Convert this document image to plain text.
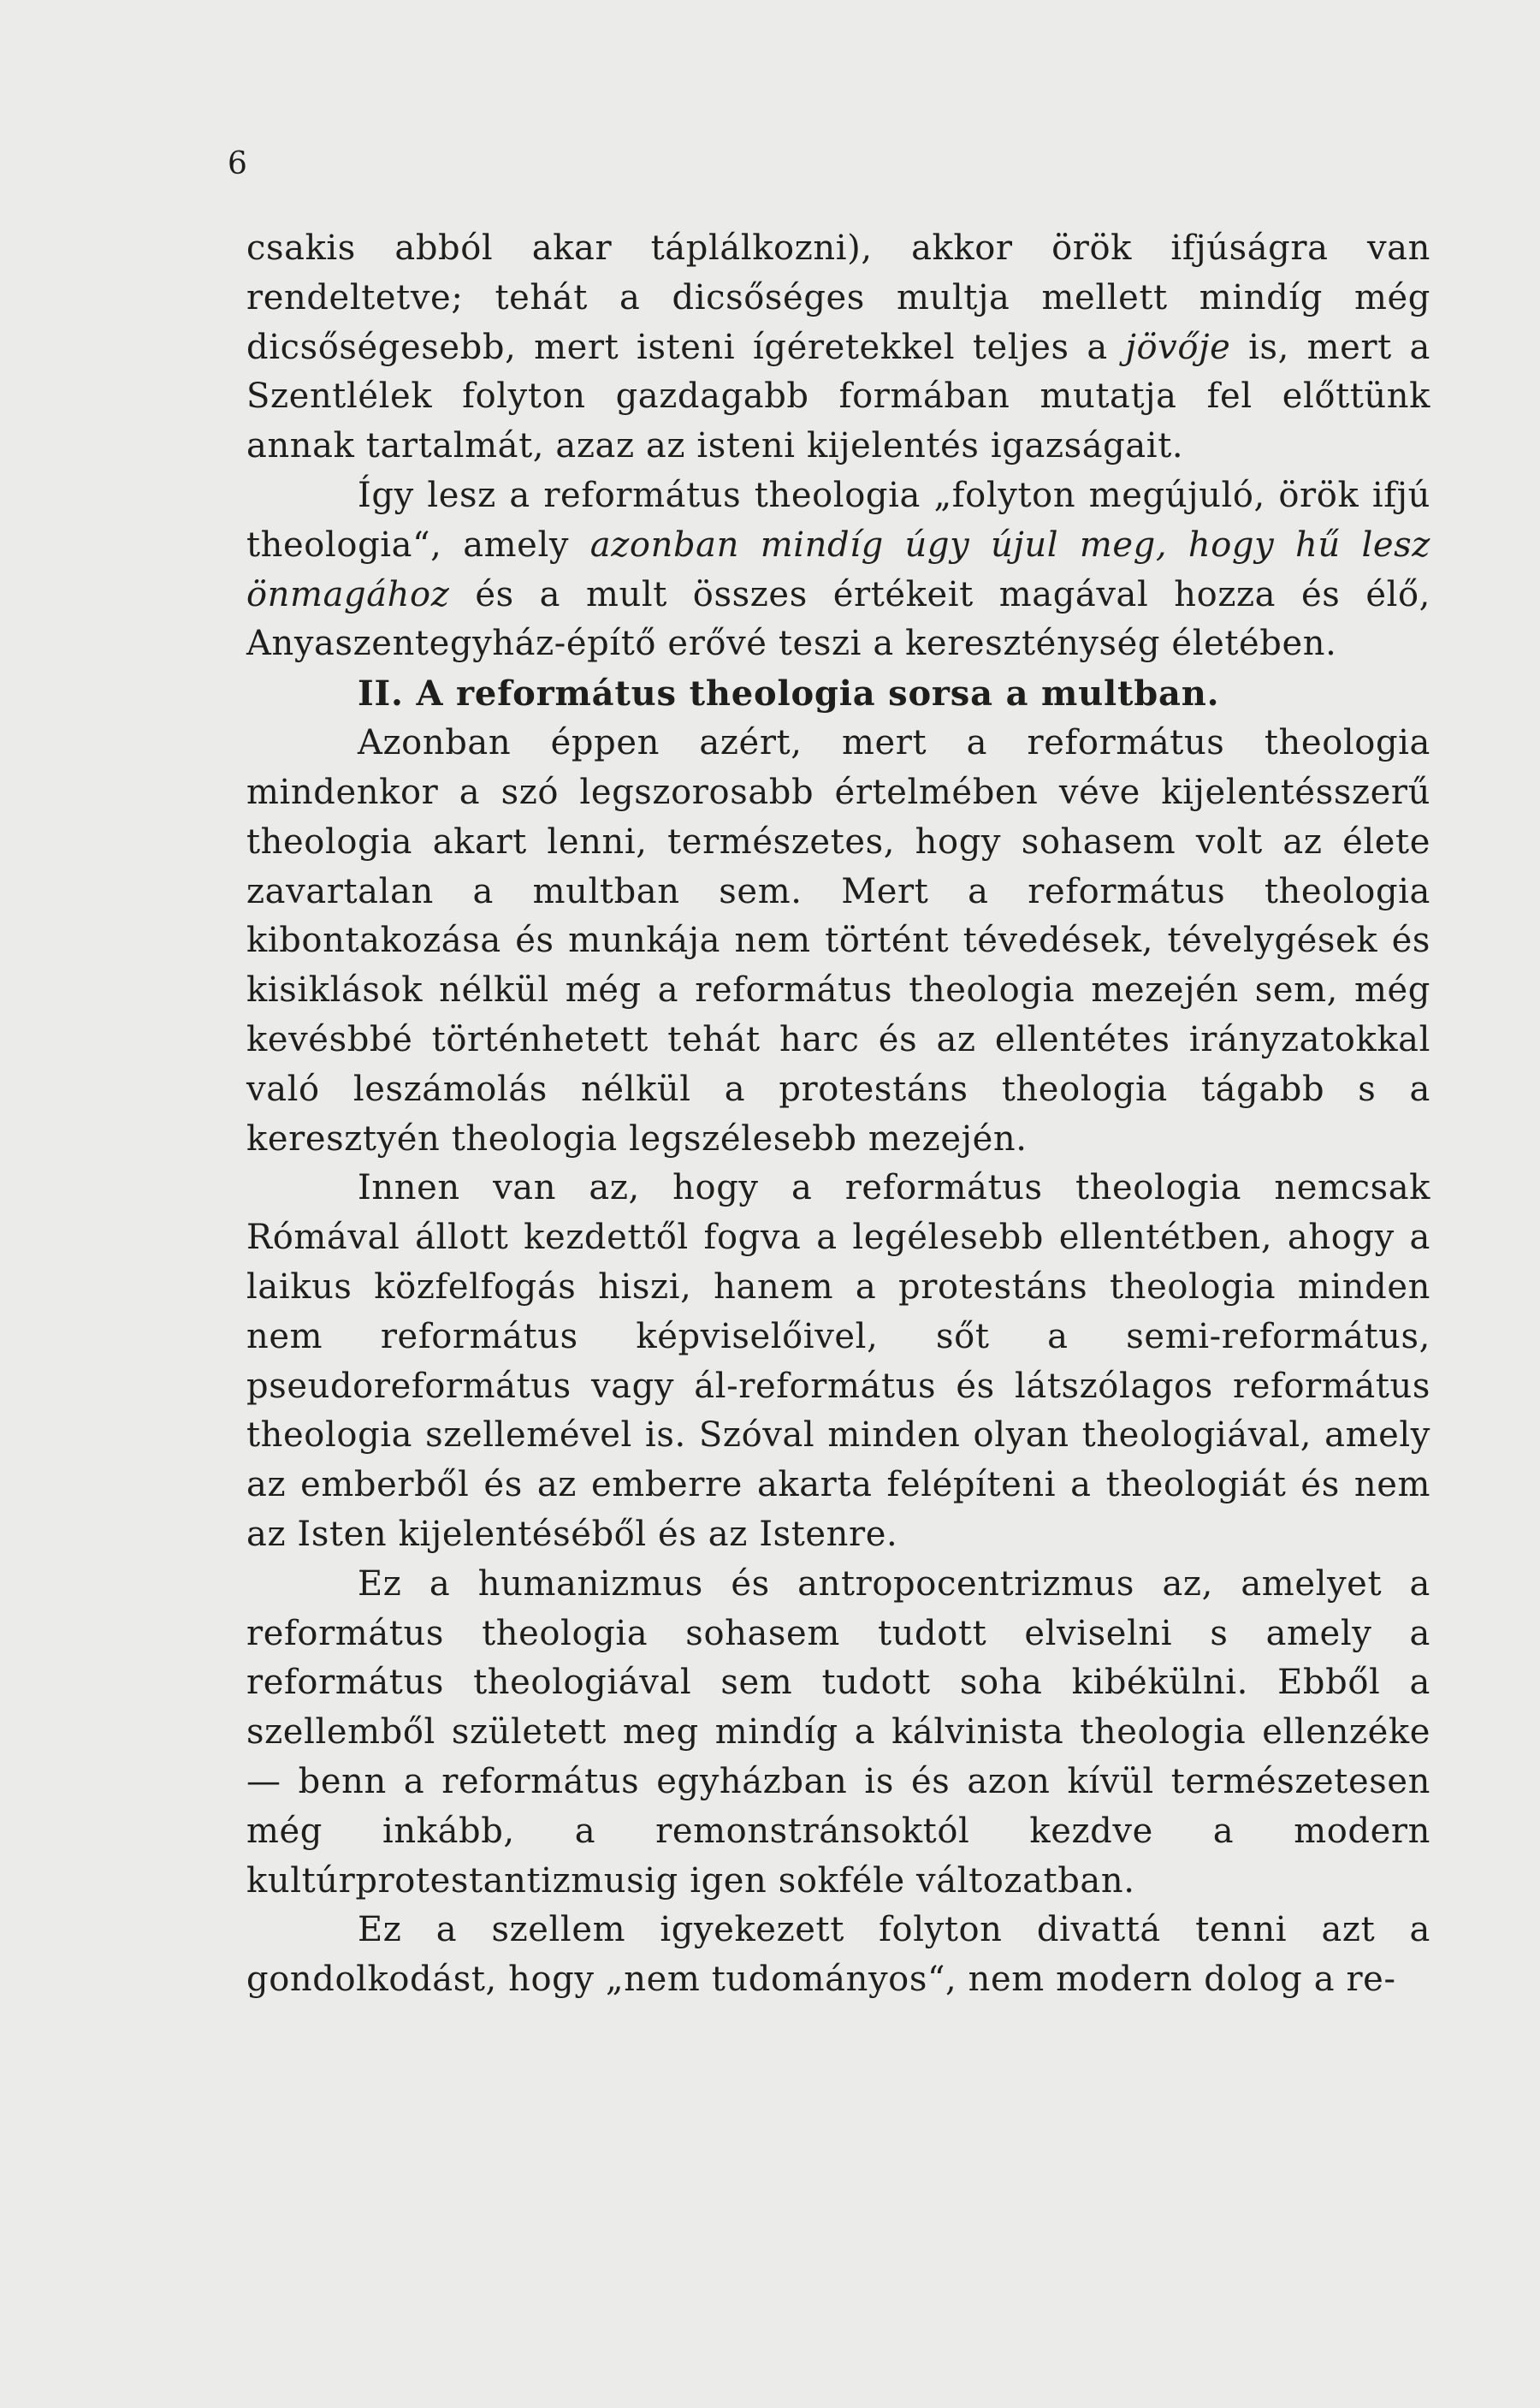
6

csakis abból akar táplálkozni), akkor örök ifjúságra van rendeltetve; tehát a dicsőséges multja mellett mindíg még dicsőségesebb, mert isteni ígéretekkel teljes a jövője is, mert a Szentlélek folyton gazdagabb formában mutatja fel előttünk annak tartalmát, azaz az isteni kijelentés igazságait.

Így lesz a református theologia „folyton megújuló, örök ifjú theologia“, amely azonban mindíg úgy újul meg, hogy hű lesz önmagához és a mult összes értékeit magával hozza és élő, Anyaszentegyház-építő erővé teszi a kereszténység életében.

II. A református theologia sorsa a multban.

Azonban éppen azért, mert a református theologia mindenkor a szó legszorosabb értelmében véve kijelentésszerű theologia akart lenni, természetes, hogy sohasem volt az élete zavartalan a multban sem. Mert a református theologia kibontakozása és munkája nem történt tévedések, tévelygések és kisiklások nélkül még a református theologia mezején sem, még kevésbbé történhetett tehát harc és az ellentétes irányzatokkal való leszámolás nélkül a protestáns theologia tágabb s a keresztyén theologia legszélesebb mezején.

Innen van az, hogy a református theologia nemcsak Rómával állott kezdettől fogva a legélesebb ellentétben, ahogy a laikus közfelfogás hiszi, hanem a protestáns theologia minden nem református képviselőivel, sőt a semi-református, pseudoreformátus vagy ál-református és látszólagos református theologia szellemével is. Szóval minden olyan theologiával, amely az emberből és az emberre akarta felépíteni a theologiát és nem az Isten kijelentéséből és az Istenre.

Ez a humanizmus és antropocentrizmus az, amelyet a református theologia sohasem tudott elviselni s amely a református theologiával sem tudott soha kibékülni. Ebből a szellemből született meg mindíg a kálvinista theologia ellenzéke — benn a református egyházban is és azon kívül természetesen még inkább, a remonstránsoktól kezdve a modern kultúrprotestantizmusig igen sokféle változatban.

Ez a szellem igyekezett folyton divattá tenni azt a gondolkodást, hogy „nem tudományos“, nem modern dolog a re-
